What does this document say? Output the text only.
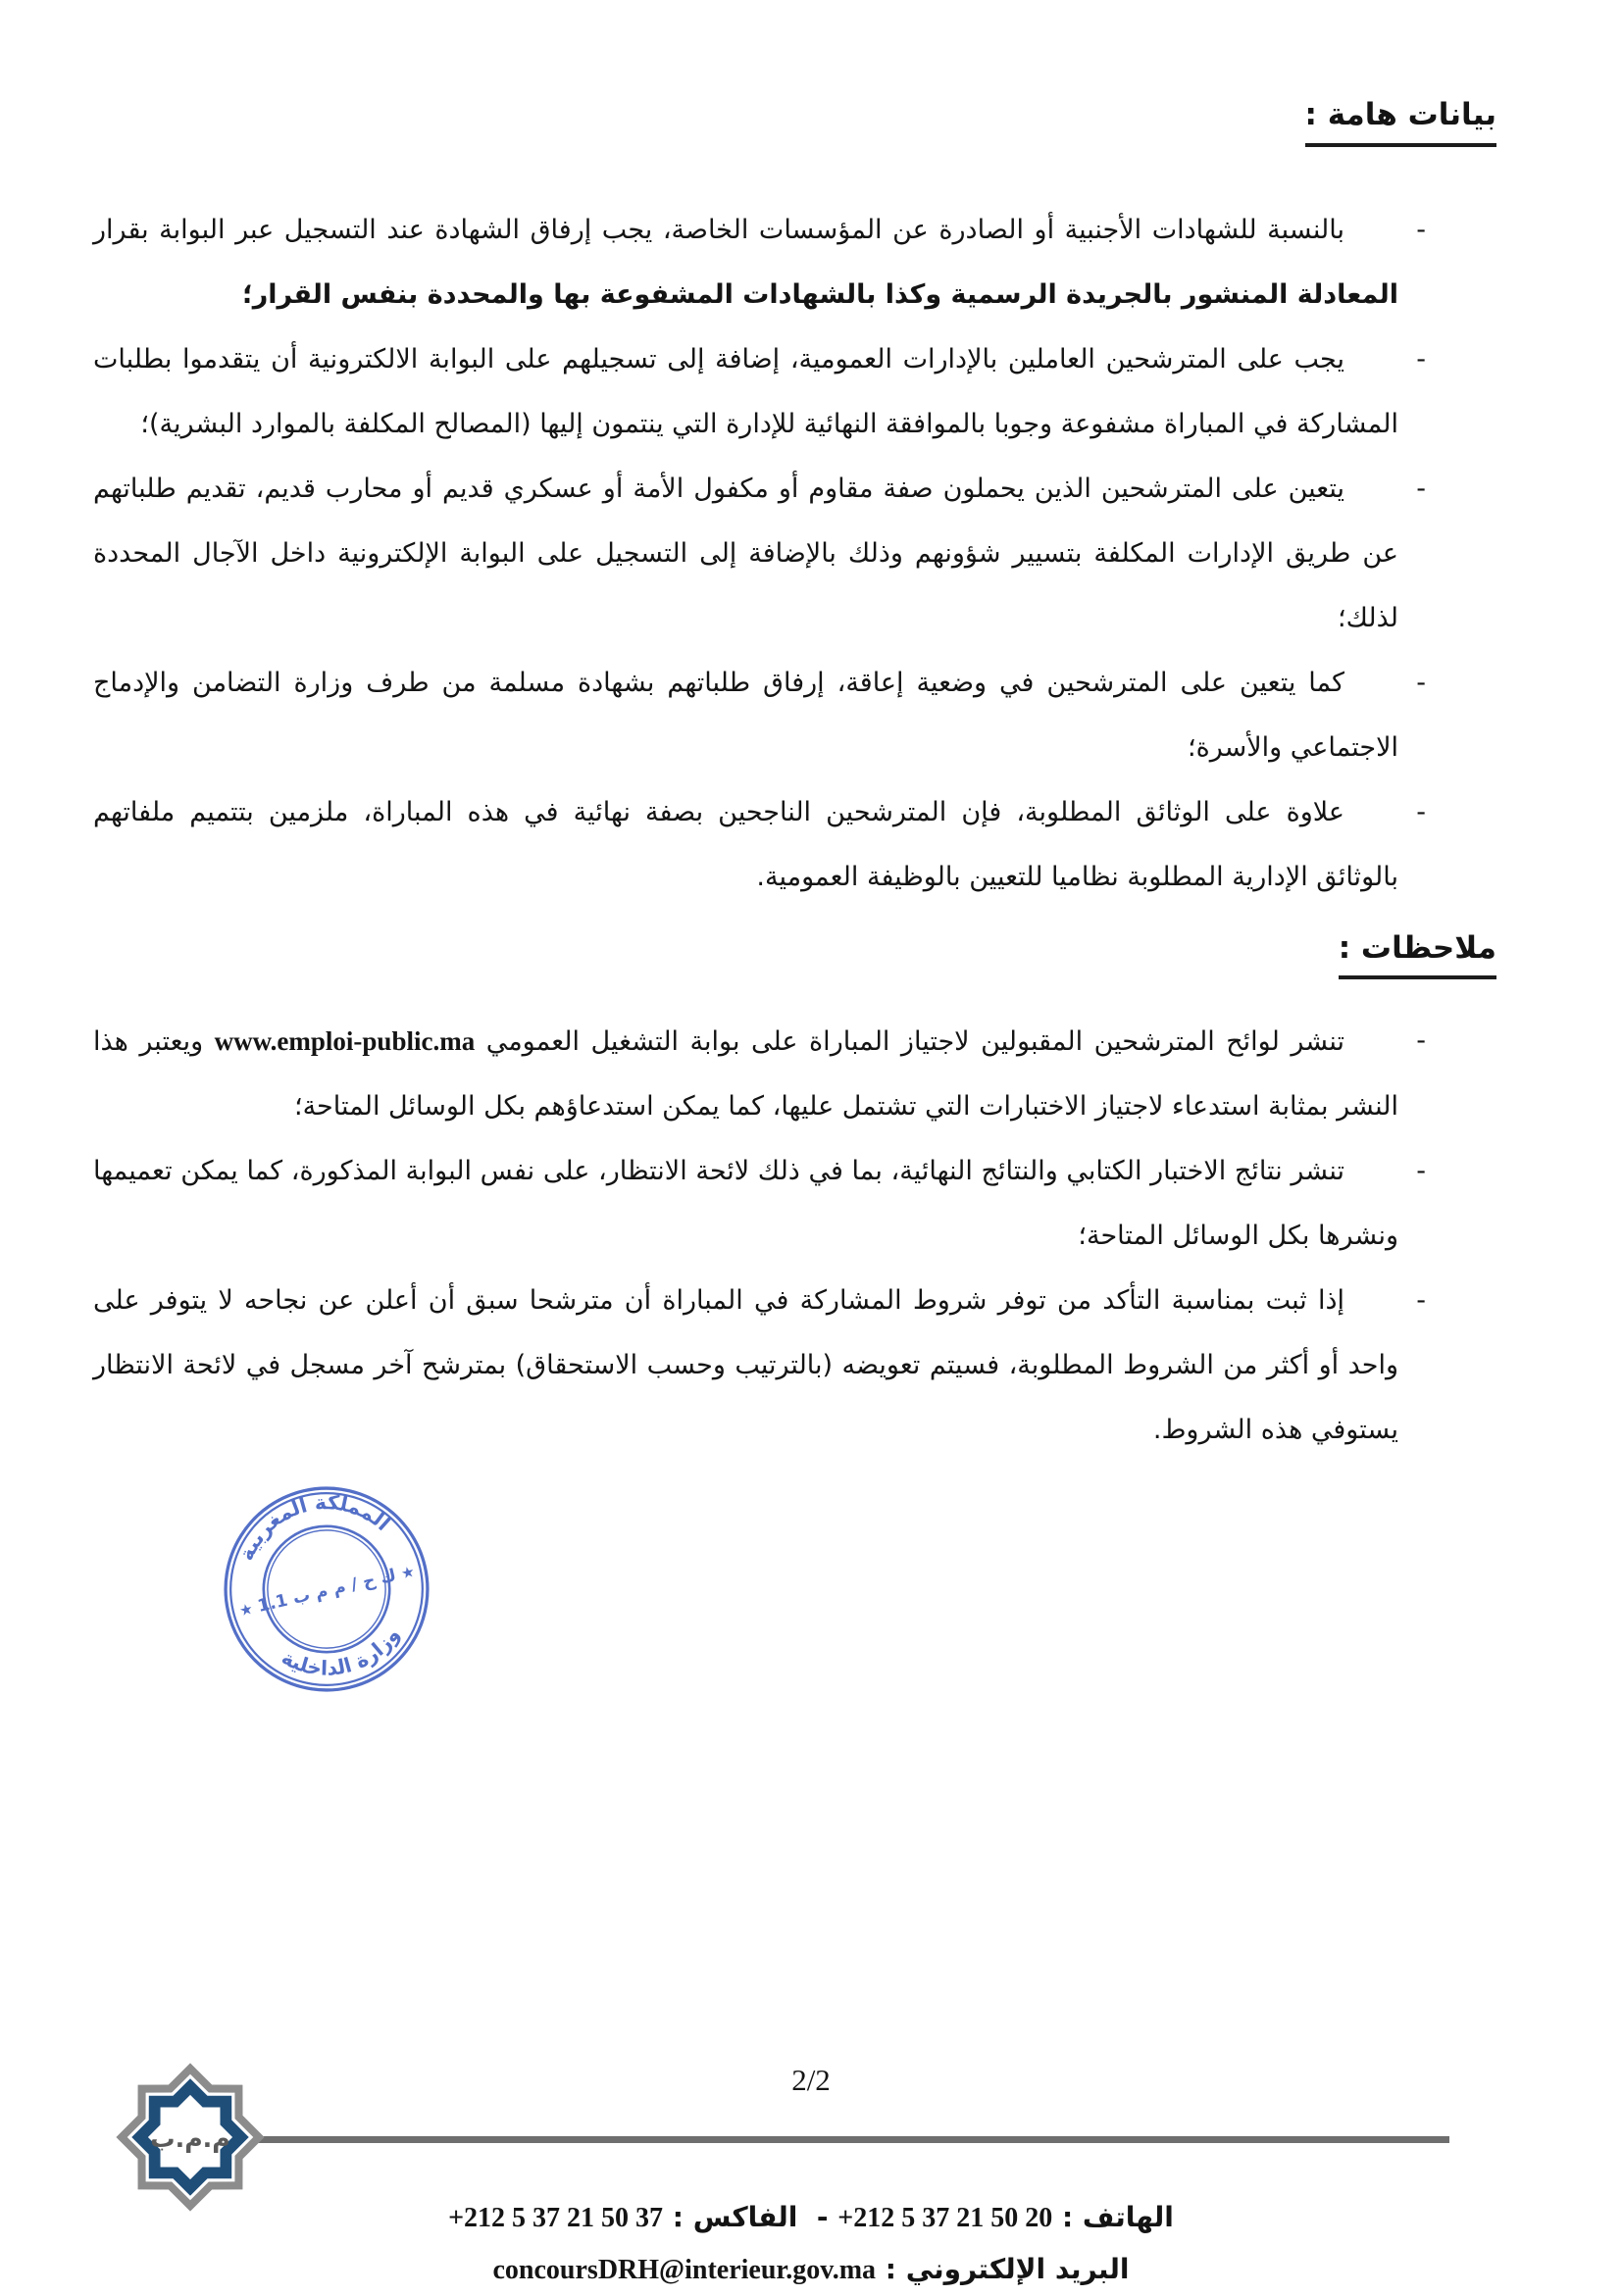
بيانات هامة :
-
بالنسبة للشهادات الأجنبية أو الصادرة عن المؤسسات الخاصة، يجب إرفاق الشهادة عند التسجيل عبر البوابة بقرار المعادلة المنشور بالجريدة الرسمية وكذا بالشهادات المشفوعة بها والمحددة بنفس القرار؛
-
يجب على المترشحين العاملين بالإدارات العمومية، إضافة إلى تسجيلهم على البوابة الالكترونية أن يتقدموا بطلبات المشاركة في المباراة مشفوعة وجوبا بالموافقة النهائية للإدارة التي ينتمون إليها (المصالح المكلفة بالموارد البشرية)؛
-
يتعين على المترشحين الذين يحملون صفة مقاوم أو مكفول الأمة أو عسكري قديم أو محارب قديم، تقديم طلباتهم عن طريق الإدارات المكلفة بتسيير شؤونهم وذلك بالإضافة إلى التسجيل على البوابة الإلكترونية داخل الآجال المحددة لذلك؛
-
كما يتعين على المترشحين في وضعية إعاقة، إرفاق طلباتهم بشهادة مسلمة من طرف وزارة التضامن والإدماج الاجتماعي والأسرة؛
-
علاوة على الوثائق المطلوبة، فإن المترشحين الناجحين بصفة نهائية في هذه المباراة، ملزمين بتتميم ملفاتهم بالوثائق الإدارية المطلوبة نظاميا للتعيين بالوظيفة العمومية.
ملاحظات :
-
تنشر لوائح المترشحين المقبولين لاجتياز المباراة على بوابة التشغيل العمومي www.emploi-public.ma ويعتبر هذا النشر بمثابة استدعاء لاجتياز الاختبارات التي تشتمل عليها، كما يمكن استدعاؤهم بكل الوسائل المتاحة؛
-
تنشر نتائج الاختبار الكتابي والنتائج النهائية، بما في ذلك لائحة الانتظار، على نفس البوابة المذكورة، كما يمكن تعميمها ونشرها بكل الوسائل المتاحة؛
-
إذا ثبت بمناسبة التأكد من توفر شروط المشاركة في المباراة أن مترشحا سبق أن أعلن عن نجاحه لا يتوفر على واحد أو أكثر من الشروط المطلوبة، فسيتم تعويضه (بالترتيب وحسب الاستحقاق) بمترشح آخر مسجل في لائحة الانتظار يستوفي هذه الشروط.
المملكة المغربية
وزارة الداخلية
★
★
ك ح / م م ب 1.1
م.م.ب
2/2
الهاتف : +212 5 37 21 50 20 -  الفاكس : +212 5 37 21 50 37
البريد الإلكتروني : concoursDRH@interieur.gov.ma
